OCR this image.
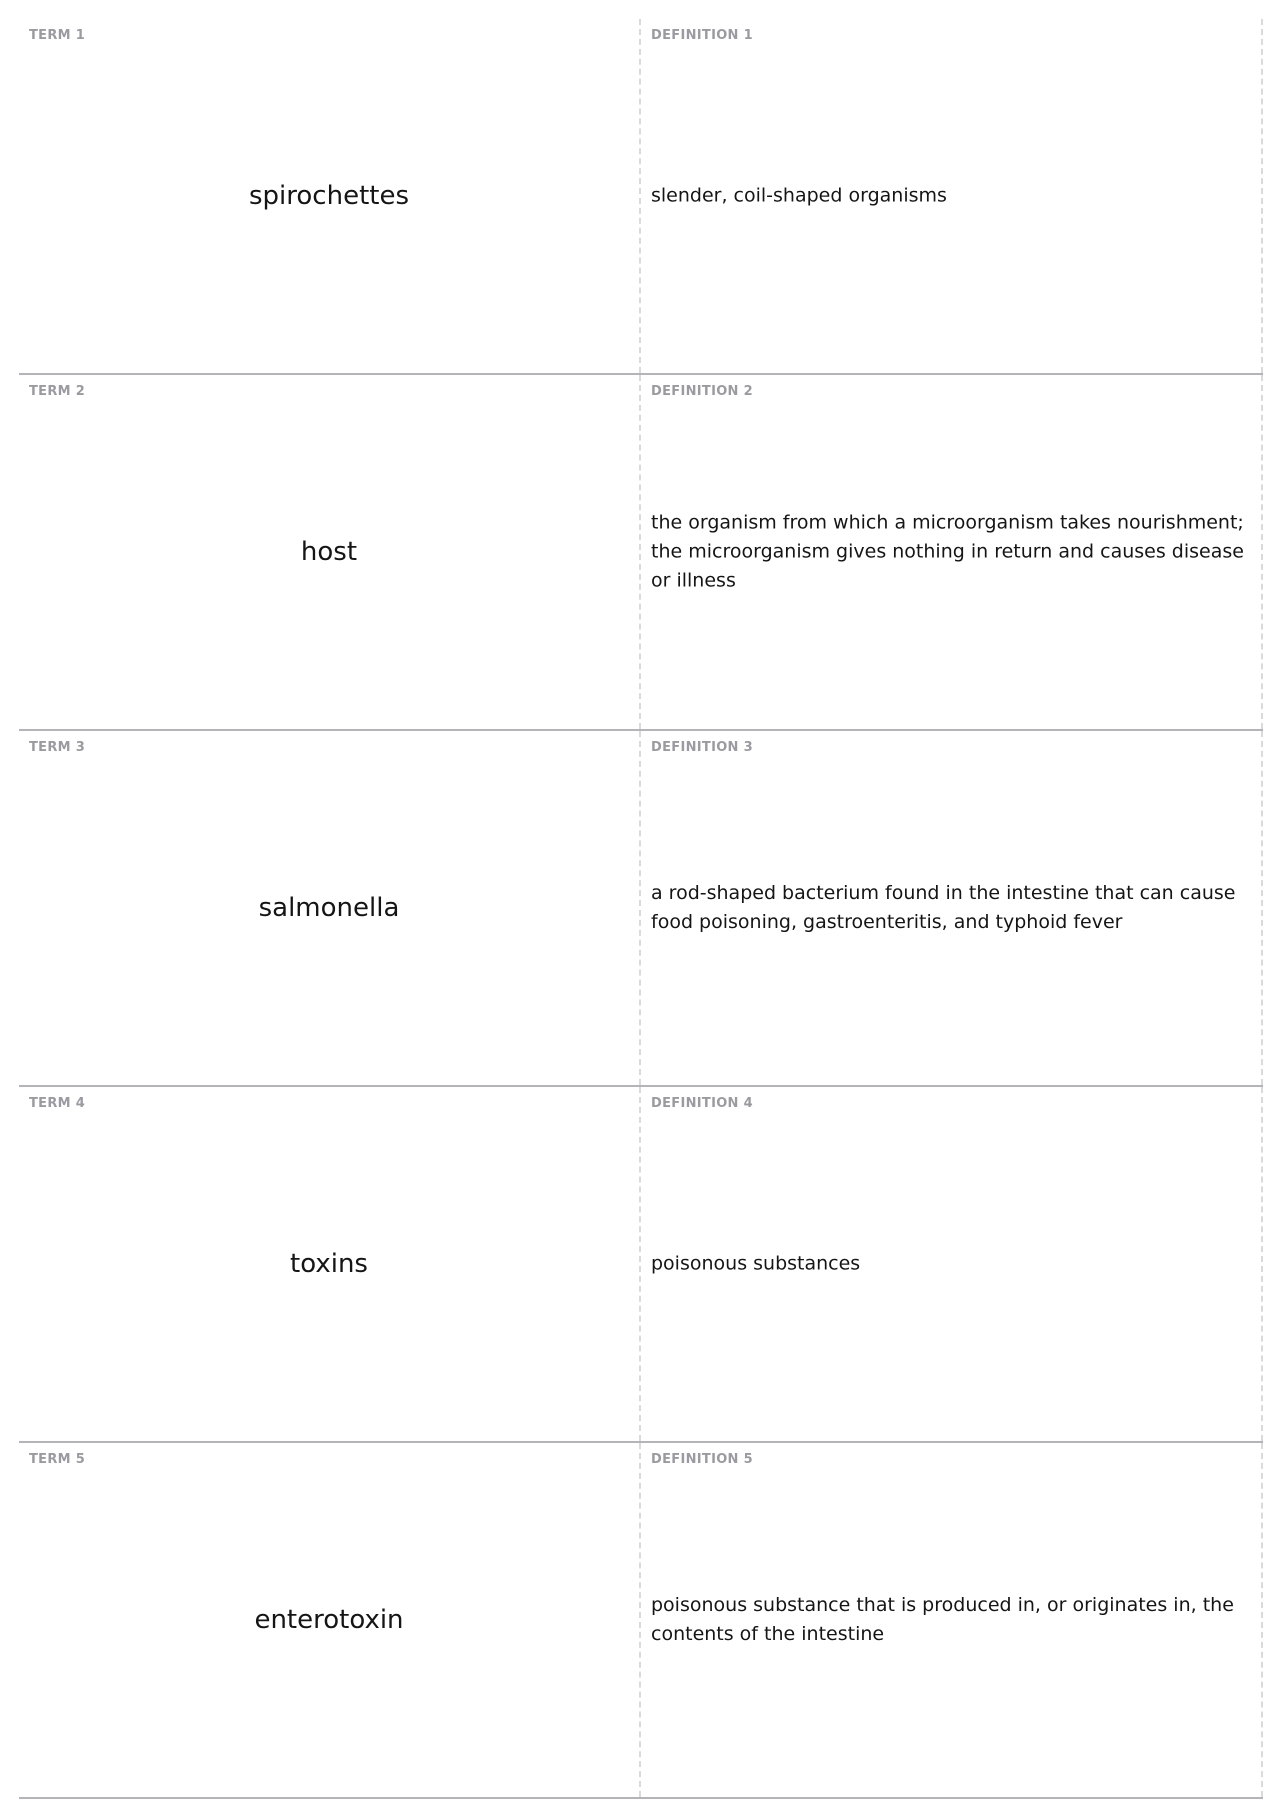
TERM 1
spirochettes
DEFINITION 1
slender, coil-shaped organisms
TERM 2
host
DEFINITION 2
the organism from which a microorganism takes nourishment; the microorganism gives nothing in return and causes disease or illness
TERM 3
salmonella
DEFINITION 3
a rod-shaped bacterium found in the intestine that can cause food poisoning, gastroenteritis, and typhoid fever
TERM 4
toxins
DEFINITION 4
poisonous substances
TERM 5
enterotoxin
DEFINITION 5
poisonous substance that is produced in, or originates in, the contents of the intestine
